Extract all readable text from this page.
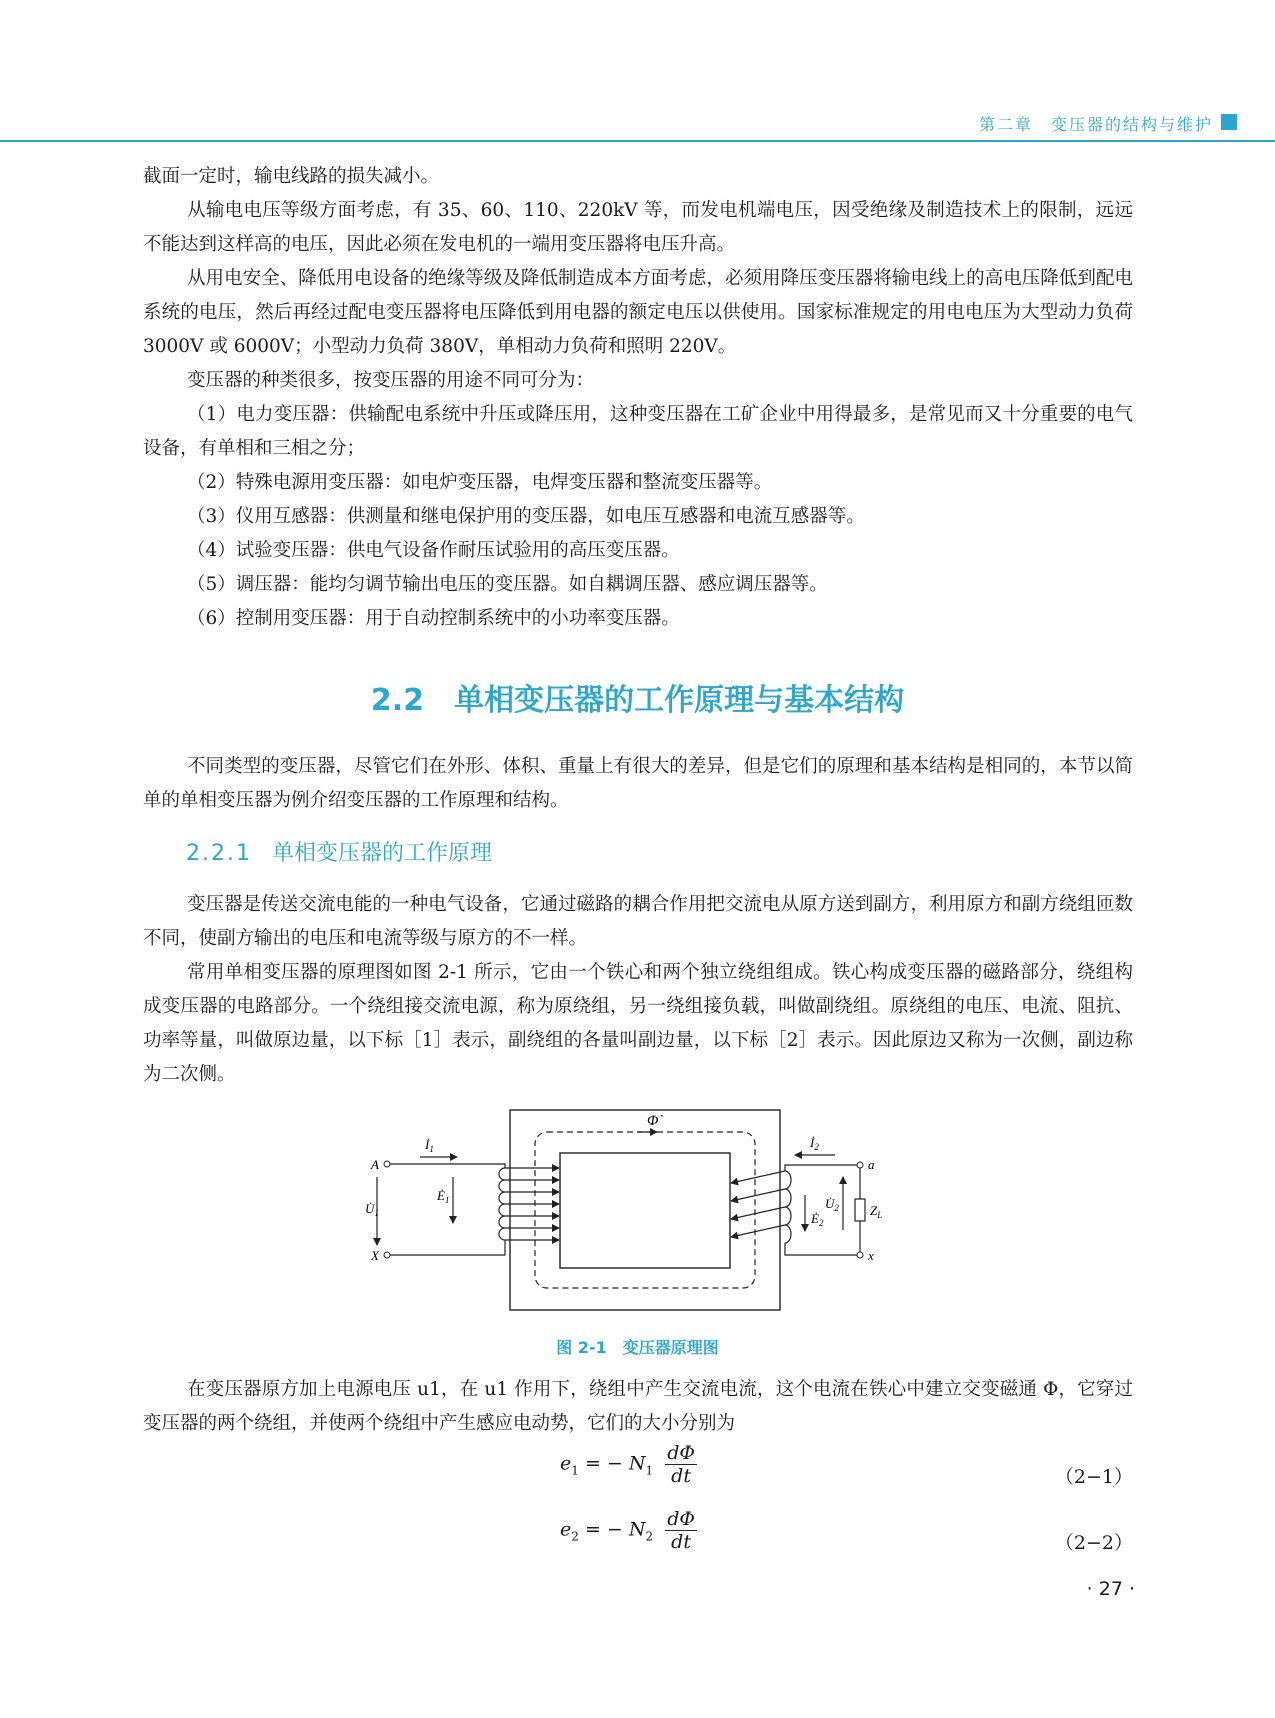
第二章　变压器的结构与维护

截面一定时，输电线路的损失减小。

从输电电压等级方面考虑，有 35、60、110、220kV 等，而发电机端电压，因受绝缘及制造技术上的限制，远远不能达到这样高的电压，因此必须在发电机的一端用变压器将电压升高。

从用电安全、降低用电设备的绝缘等级及降低制造成本方面考虑，必须用降压变压器将输电线上的高电压降低到配电系统的电压，然后再经过配电变压器将电压降低到用电器的额定电压以供使用。国家标准规定的用电电压为大型动力负荷 3000V 或 6000V；小型动力负荷 380V，单相动力负荷和照明 220V。

变压器的种类很多，按变压器的用途不同可分为：

（1）电力变压器：供输配电系统中升压或降压用，这种变压器在工矿企业中用得最多，是常见而又十分重要的电气设备，有单相和三相之分；

（2）特殊电源用变压器：如电炉变压器，电焊变压器和整流变压器等。

（3）仪用互感器：供测量和继电保护用的变压器，如电压互感器和电流互感器等。

（4）试验变压器：供电气设备作耐压试验用的高压变压器。

（5）调压器：能均匀调节输出电压的变压器。如自耦调压器、感应调压器等。

（6）控制用变压器：用于自动控制系统中的小功率变压器。

2.2 单相变压器的工作原理与基本结构

不同类型的变压器，尽管它们在外形、体积、重量上有很大的差异，但是它们的原理和基本结构是相同的，本节以简单的单相变压器为例介绍变压器的工作原理和结构。

2.2.1 单相变压器的工作原理

变压器是传送交流电能的一种电气设备，它通过磁路的耦合作用把交流电从原方送到副方，利用原方和副方绕组匝数不同，使副方输出的电压和电流等级与原方的不一样。

常用单相变压器的原理图如图 2-1 所示，它由一个铁心和两个独立绕组组成。铁心构成变压器的磁路部分，绕组构成变压器的电路部分。一个绕组接交流电源，称为原绕组，另一绕组接负载，叫做副绕组。原绕组的电压、电流、阻抗、功率等量，叫做原边量，以下标［1］表示，副绕组的各量叫副边量，以下标［2］表示。因此原边又称为一次侧，副边称为二次侧。

Φ̇
$İ_1$
A
X
$U̇_1$
$Ė_1$
a
x
$İ_2$
$Z_L$
$U̇_2$
$Ė_2$
图 2-1　变压器原理图

在变压器原方加上电源电压 u1，在 u1 作用下，绕组中产生交流电流，这个电流在铁心中建立交变磁通 Φ，它穿过变压器的两个绕组，并使两个绕组中产生感应电动势，它们的大小分别为

$e_1$ = − $N_1 \frac{d\Phi}{dt}$	（2−1）
$e_2$ = − $N_2 \frac{d\Phi}{dt}$	（2−2）
· 27 ·
